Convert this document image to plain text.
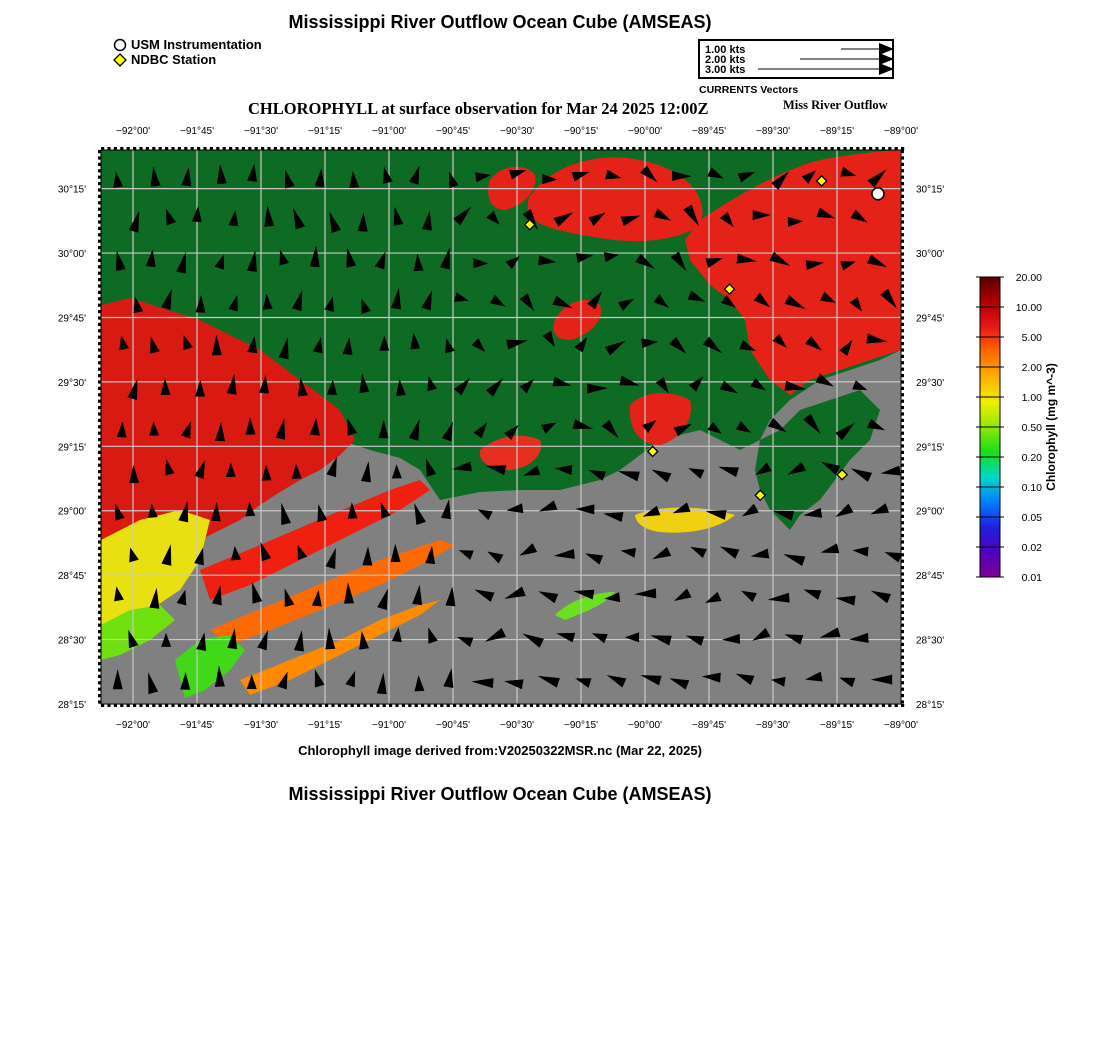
Mississippi River Outflow Ocean Cube (AMSEAS)
USM Instrumentation
NDBC Station
1.00 kts
2.00 kts
3.00 kts
CURRENTS Vectors
CHLOROPHYLL at surface observation for Mar 24 2025 12:00Z	Miss River Outflow
−92°00'	−91°45'	−91°30'	−91°15'	−91°00'	−90°45'	−90°30'	−90°15'	−90°00'	−89°45'	−89°30'	−89°15'	−89°00'
−92°00'	−91°45'	−91°30'	−91°15'	−91°00'	−90°45'	−90°30'	−90°15'	−90°00'	−89°45'	−89°30'	−89°15'	−89°00'
30°15'
30°00'
29°45'
29°30'
29°15'
29°00'
28°45'
28°30'
28°15'
30°15'
30°00'
29°45'
29°30'
29°15'
29°00'
28°45'
28°30'
28°15'
20.00
10.00
5.00
2.00
1.00
0.50
0.20
0.10
0.05
0.02
0.01
Chlorophyll (mg m^-3)
Chlorophyll image derived from:V20250322MSR.nc (Mar 22, 2025)
Mississippi River Outflow Ocean Cube (AMSEAS)
